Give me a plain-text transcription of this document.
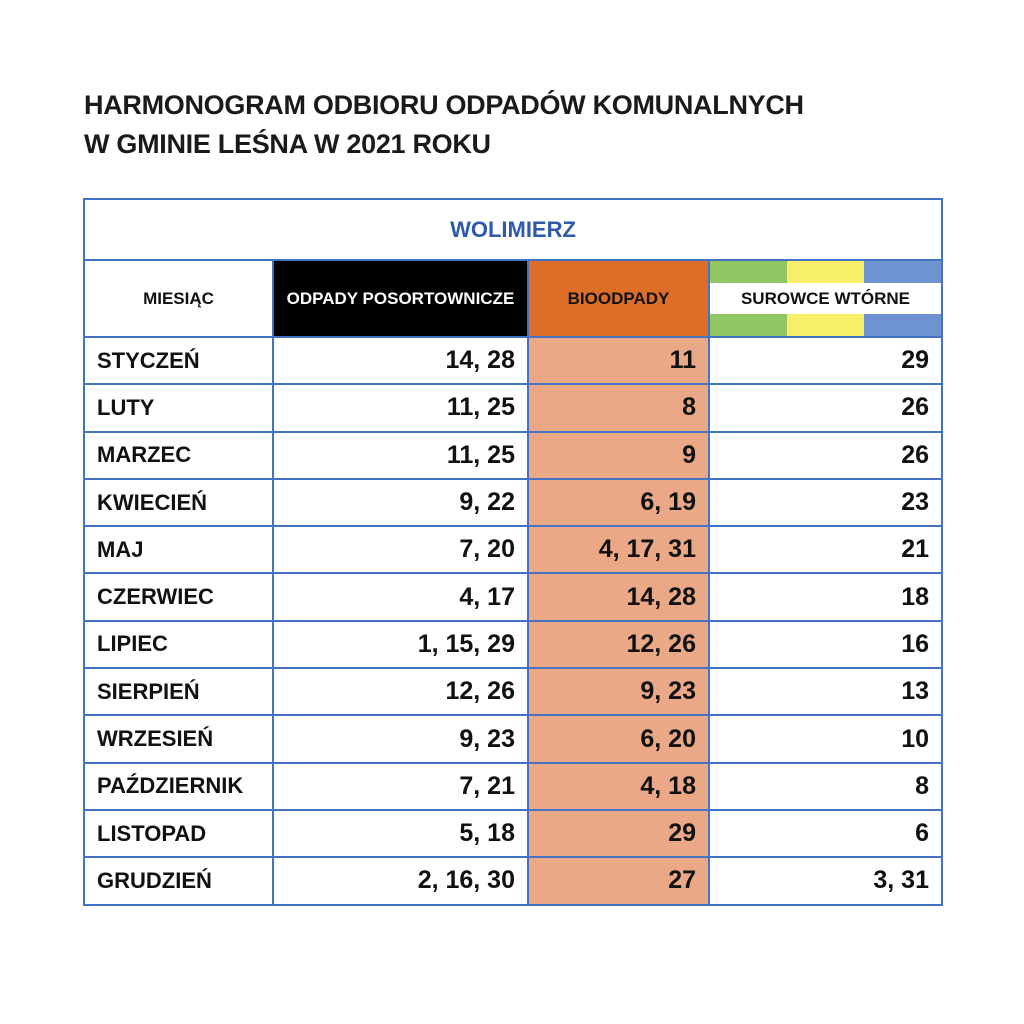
HARMONOGRAM ODBIORU ODPADÓW KOMUNALNYCH
W GMINIE LEŚNA W 2021 ROKU
WOLIMIERZ			
MIESIĄC	ODPADY POSORTOWNICZE	BIOODPADY	SUROWCE WTÓRNE

STYCZEŃ	14, 28	11	29
LUTY	11, 25	8	26
MARZEC	11, 25	9	26
KWIECIEŃ	9, 22	6, 19	23
MAJ	7, 20	4, 17, 31	21
CZERWIEC	4, 17	14, 28	18
LIPIEC	1, 15, 29	12, 26	16
SIERPIEŃ	12, 26	9, 23	13
WRZESIEŃ	9, 23	6, 20	10
PAŹDZIERNIK	7, 21	4, 18	8
LISTOPAD	5, 18	29	6
GRUDZIEŃ	2, 16, 30	27	3, 31
